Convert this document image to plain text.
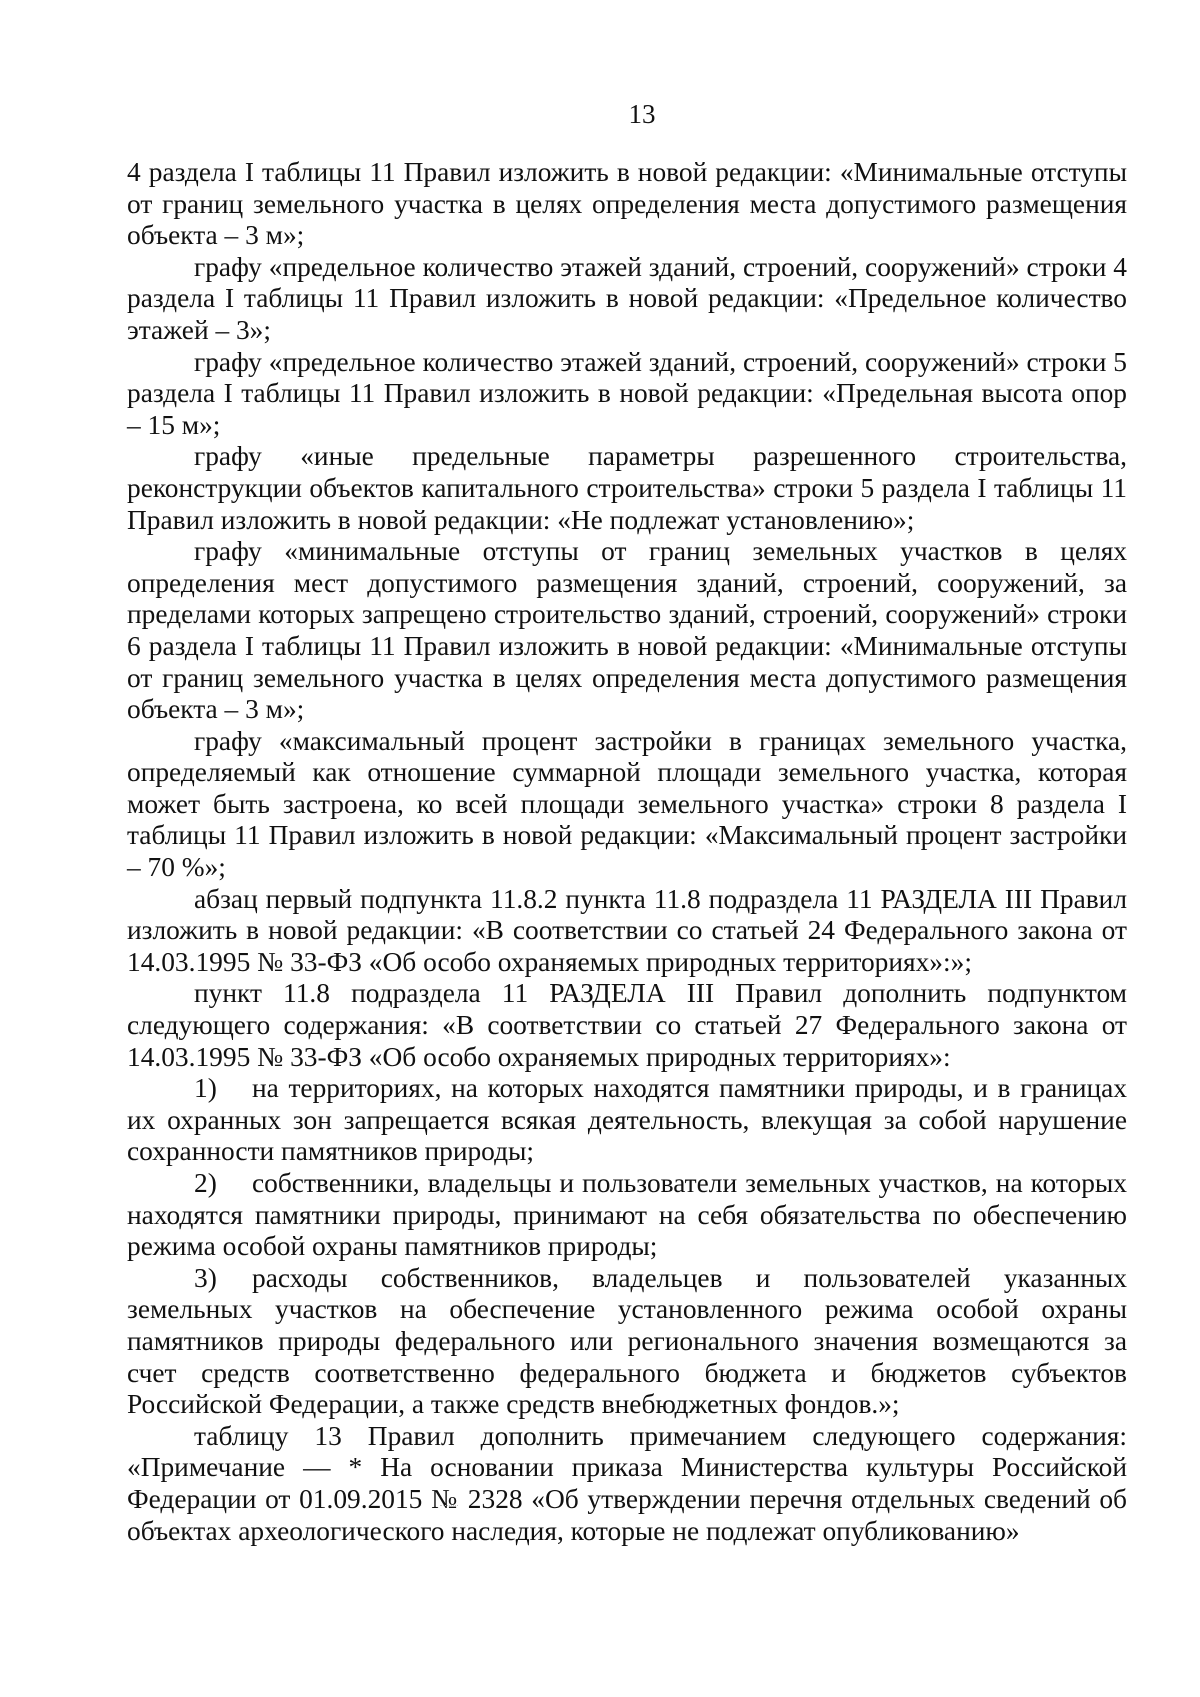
13

4 раздела I таблицы 11 Правил изложить в новой редакции: «Минимальные отступы от границ земельного участка в целях определения места допустимого размещения объекта – 3 м»;

графу «предельное количество этажей зданий, строений, сооружений» строки 4 раздела I таблицы 11 Правил изложить в новой редакции: «Предельное количество этажей – 3»;

графу «предельное количество этажей зданий, строений, сооружений» строки 5 раздела I таблицы 11 Правил изложить в новой редакции: «Предельная высота опор – 15 м»;

графу «иные предельные параметры разрешенного строительства, реконструкции объектов капитального строительства» строки 5 раздела I таблицы 11 Правил изложить в новой редакции: «Не подлежат установлению»;

графу «минимальные отступы от границ земельных участков в целях определения мест допустимого размещения зданий, строений, сооружений, за пределами которых запрещено строительство зданий, строений, сооружений» строки 6 раздела I таблицы 11 Правил изложить в новой редакции: «Минимальные отступы от границ земельного участка в целях определения места допустимого размещения объекта – 3 м»;

графу «максимальный процент застройки в границах земельного участка, определяемый как отношение суммарной площади земельного участка, которая может быть застроена, ко всей площади земельного участка» строки 8 раздела I таблицы 11 Правил изложить в новой редакции: «Максимальный процент застройки – 70 %»;

абзац первый подпункта 11.8.2 пункта 11.8 подраздела 11 РАЗДЕЛА III Правил изложить в новой редакции: «В соответствии со статьей 24 Федерального закона от 14.03.1995 № 33-ФЗ «Об особо охраняемых природных территориях»:»;

пункт 11.8 подраздела 11 РАЗДЕЛА III Правил дополнить подпунктом следующего содержания: «В соответствии со статьей 27 Федерального закона от 14.03.1995 № 33-ФЗ «Об особо охраняемых природных территориях»:

1) на территориях, на которых находятся памятники природы, и в границах их охранных зон запрещается всякая деятельность, влекущая за собой нарушение сохранности памятников природы;

2) собственники, владельцы и пользователи земельных участков, на которых находятся памятники природы, принимают на себя обязательства по обеспечению режима особой охраны памятников природы;

3) расходы собственников, владельцев и пользователей указанных земельных участков на обеспечение установленного режима особой охраны памятников природы федерального или регионального значения возмещаются за счет средств соответственно федерального бюджета и бюджетов субъектов Российской Федерации, а также средств внебюджетных фондов.»;

таблицу 13 Правил дополнить примечанием следующего содержания: «Примечание — * На основании приказа Министерства культуры Российской Федерации от 01.09.2015 № 2328 «Об утверждении перечня отдельных сведений об объектах археологического наследия, которые не подлежат опубликованию»
